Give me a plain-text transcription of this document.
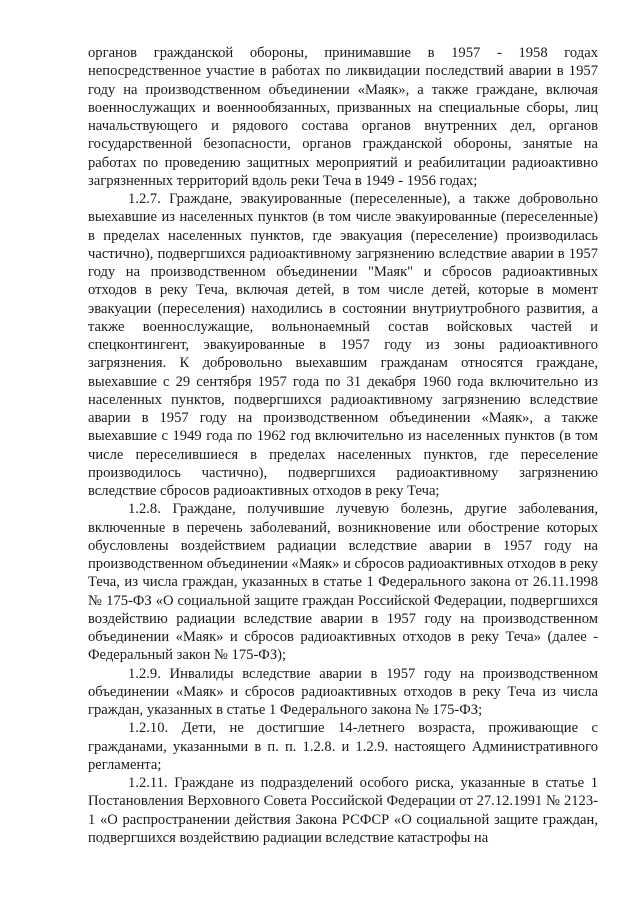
органов гражданской обороны, принимавшие в 1957 - 1958 годах непосредственное участие в работах по ликвидации последствий аварии в 1957 году на производственном объединении «Маяк», а также граждане, включая военнослужащих и военнообязанных, призванных на специальные сборы, лиц начальствующего и рядового состава органов внутренних дел, органов государственной безопасности, органов гражданской обороны, занятые на работах по проведению защитных мероприятий и реабилитации радиоактивно загрязненных территорий вдоль реки Теча в 1949 - 1956 годах;

1.2.7. Граждане, эвакуированные (переселенные), а также добровольно выехавшие из населенных пунктов (в том числе эвакуированные (переселенные) в пределах населенных пунктов, где эвакуация (переселение) производилась частично), подвергшихся радиоактивному загрязнению вследствие аварии в 1957 году на производственном объединении "Маяк" и сбросов радиоактивных отходов в реку Теча, включая детей, в том числе детей, которые в момент эвакуации (переселения) находились в состоянии внутриутробного развития, а также военнослужащие, вольнонаемный состав войсковых частей и спецконтингент, эвакуированные в 1957 году из зоны радиоактивного загрязнения. К добровольно выехавшим гражданам относятся граждане, выехавшие с 29 сентября 1957 года по 31 декабря 1960 года включительно из населенных пунктов, подвергшихся радиоактивному загрязнению вследствие аварии в 1957 году на производственном объединении «Маяк», а также выехавшие с 1949 года по 1962 год включительно из населенных пунктов (в том числе переселившиеся в пределах населенных пунктов, где переселение производилось частично), подвергшихся радиоактивному загрязнению вследствие сбросов радиоактивных отходов в реку Теча;

1.2.8. Граждане, получившие лучевую болезнь, другие заболевания, включенные в перечень заболеваний, возникновение или обострение которых обусловлены воздействием радиации вследствие аварии в 1957 году на производственном объединении «Маяк» и сбросов радиоактивных отходов в реку Теча, из числа граждан, указанных в статье 1 Федерального закона от 26.11.1998 № 175-ФЗ «О социальной защите граждан Российской Федерации, подвергшихся воздействию радиации вследствие аварии в 1957 году на производственном объединении «Маяк» и сбросов радиоактивных отходов в реку Теча» (далее - Федеральный закон № 175-ФЗ);

1.2.9. Инвалиды вследствие аварии в 1957 году на производственном объединении «Маяк» и сбросов радиоактивных отходов в реку Теча из числа граждан, указанных в статье 1 Федерального закона № 175-ФЗ;

1.2.10. Дети, не достигшие 14-летнего возраста, проживающие с гражданами, указанными в п. п. 1.2.8. и 1.2.9. настоящего Административного регламента;

1.2.11. Граждане из подразделений особого риска, указанные в статье 1 Постановления Верховного Совета Российской Федерации от 27.12.1991 № 2123-1 «О распространении действия Закона РСФСР «О социальной защите граждан, подвергшихся воздействию радиации вследствие катастрофы на
